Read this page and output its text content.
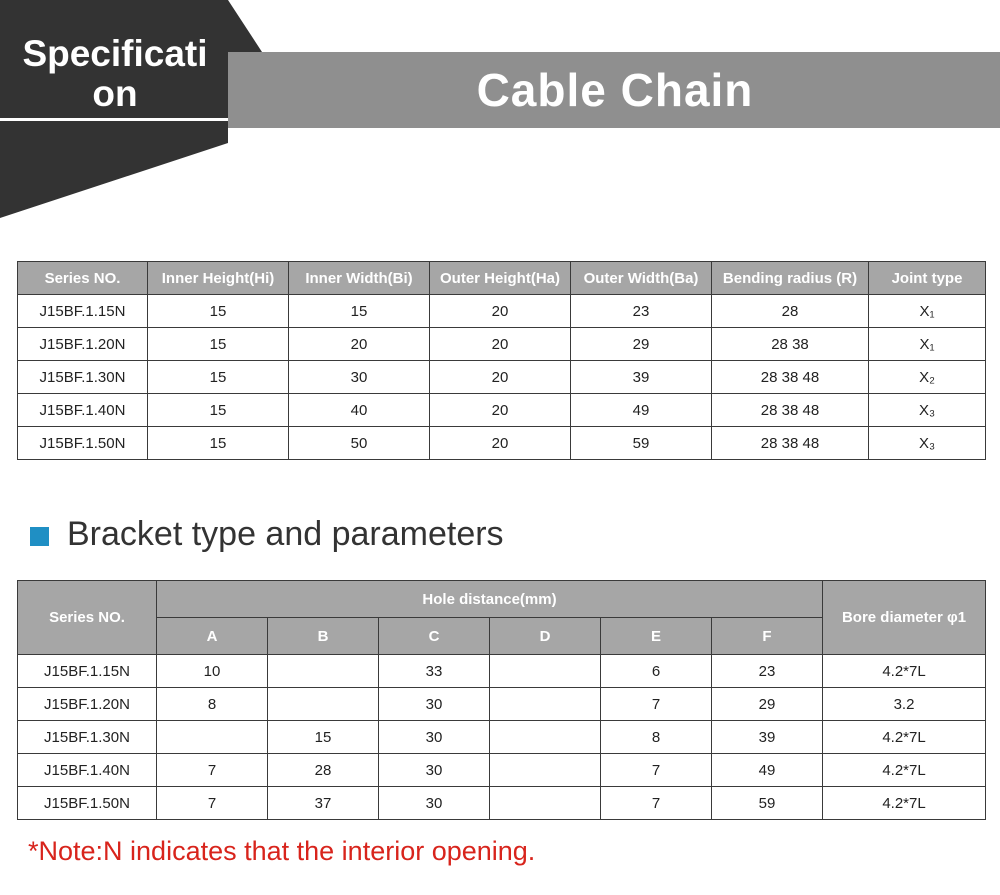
Specification	Cable Chain
Series NO.	Inner Height(Hi)	Inner Width(Bi)	Outer Height(Ha)	Outer Width(Ba)	Bending radius (R)	Joint type
J15BF.1.15N	15	15	20	23	28	X₁
J15BF.1.20N	15	20	20	29	28 38	X₁
J15BF.1.30N	15	30	20	39	28 38 48	X₂
J15BF.1.40N	15	40	20	49	28 38 48	X₃
J15BF.1.50N	15	50	20	59	28 38 48	X₃
Bracket type and parameters
Series NO.	Hole distance(mm)						Bore diameter φ1
	A	B	C	D	E	F	
J15BF.1.15N	10		33		6	23	4.2*7L
J15BF.1.20N	8		30		7	29	3.2
J15BF.1.30N		15	30		8	39	4.2*7L
J15BF.1.40N	7	28	30		7	49	4.2*7L
J15BF.1.50N	7	37	30		7	59	4.2*7L
*Note:N indicates that the interior opening.
